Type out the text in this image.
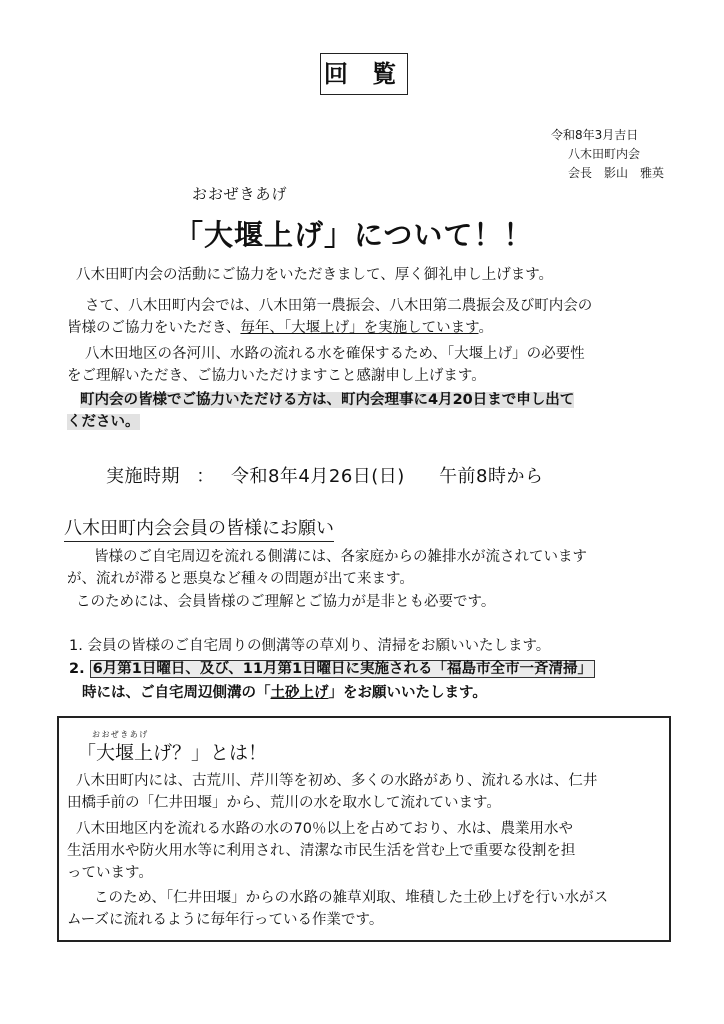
回 覧
令和8年3月吉日
八木田町内会
会長　影山　雅英
おおぜきあげ
「大堰上げ」について！！

八木田町内会の活動にご協力をいただきまして、厚く御礼申し上げます。

さて、八木田町内会では、八木田第一農振会、八木田第二農振会及び町内会の

皆様のご協力をいただき、毎年、「大堰上げ」を実施しています。

八木田地区の各河川、水路の流れる水を確保するため、「大堰上げ」の必要性

をご理解いただき、ご協力いただけますこと感謝申し上げます。

町内会の皆様でご協力いただける方は、町内会理事に4月20日まで申し出て

ください。

実施時期 ： 令和8年4月26日(日) 午前8時から
八木田町内会会員の皆様にお願い

皆様のご自宅周辺を流れる側溝には、各家庭からの雑排水が流されています

が、流れが滞ると悪臭など種々の問題が出て来ます。

このためには、会員皆様のご理解とご協力が是非とも必要です。

1. 会員の皆様のご自宅周りの側溝等の草刈り、清掃をお願いいたします。
2. 6月第1日曜日、及び、11月第1日曜日に実施される「福島市全市一斉清掃」
時には、ご自宅周辺側溝の「土砂上げ」をお願いいたします。
おおぜきあげ
「大堰上げ？」とは！

八木田町内には、古荒川、芹川等を初め、多くの水路があり、流れる水は、仁井

田橋手前の「仁井田堰」から、荒川の水を取水して流れています。

八木田地区内を流れる水路の水の70％以上を占めており、水は、農業用水や

生活用水や防火用水等に利用され、清潔な市民生活を営む上で重要な役割を担

っています。

このため、「仁井田堰」からの水路の雑草刈取、堆積した土砂上げを行い水がス

ムーズに流れるように毎年行っている作業です。
